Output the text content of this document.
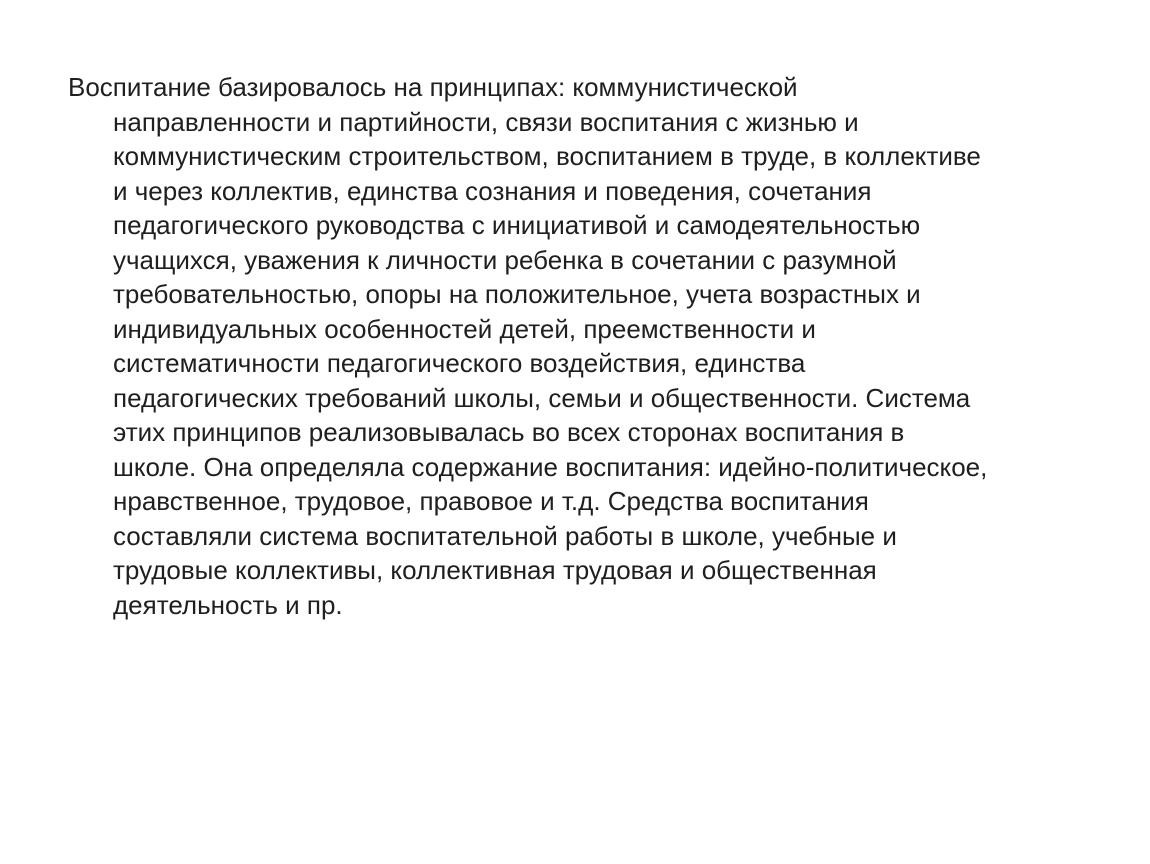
Воспитание базировалось на принципах: коммунистической
направленности и партийности, связи воспитания с жизнью и
коммунистическим строительством, воспитанием в труде, в коллективе
и через коллектив, единства сознания и поведения, сочетания
педагогического руководства с инициативой и самодеятельностью
учащихся, уважения к личности ребенка в сочетании с разумной
требовательностью, опоры на положительное, учета возрастных и
индивидуальных особенностей детей, преемственности и
систематичности педагогического воздействия, единства
педагогических требований школы, семьи и общественности. Система
этих принципов реализовывалась во всех сторонах воспитания в
школе. Она определяла содержание воспитания: идейно-политическое,
нравственное, трудовое, правовое и т.д. Средства воспитания
составляли система воспитательной работы в школе, учебные и
трудовые коллективы, коллективная трудовая и общественная
деятельность и пр.
